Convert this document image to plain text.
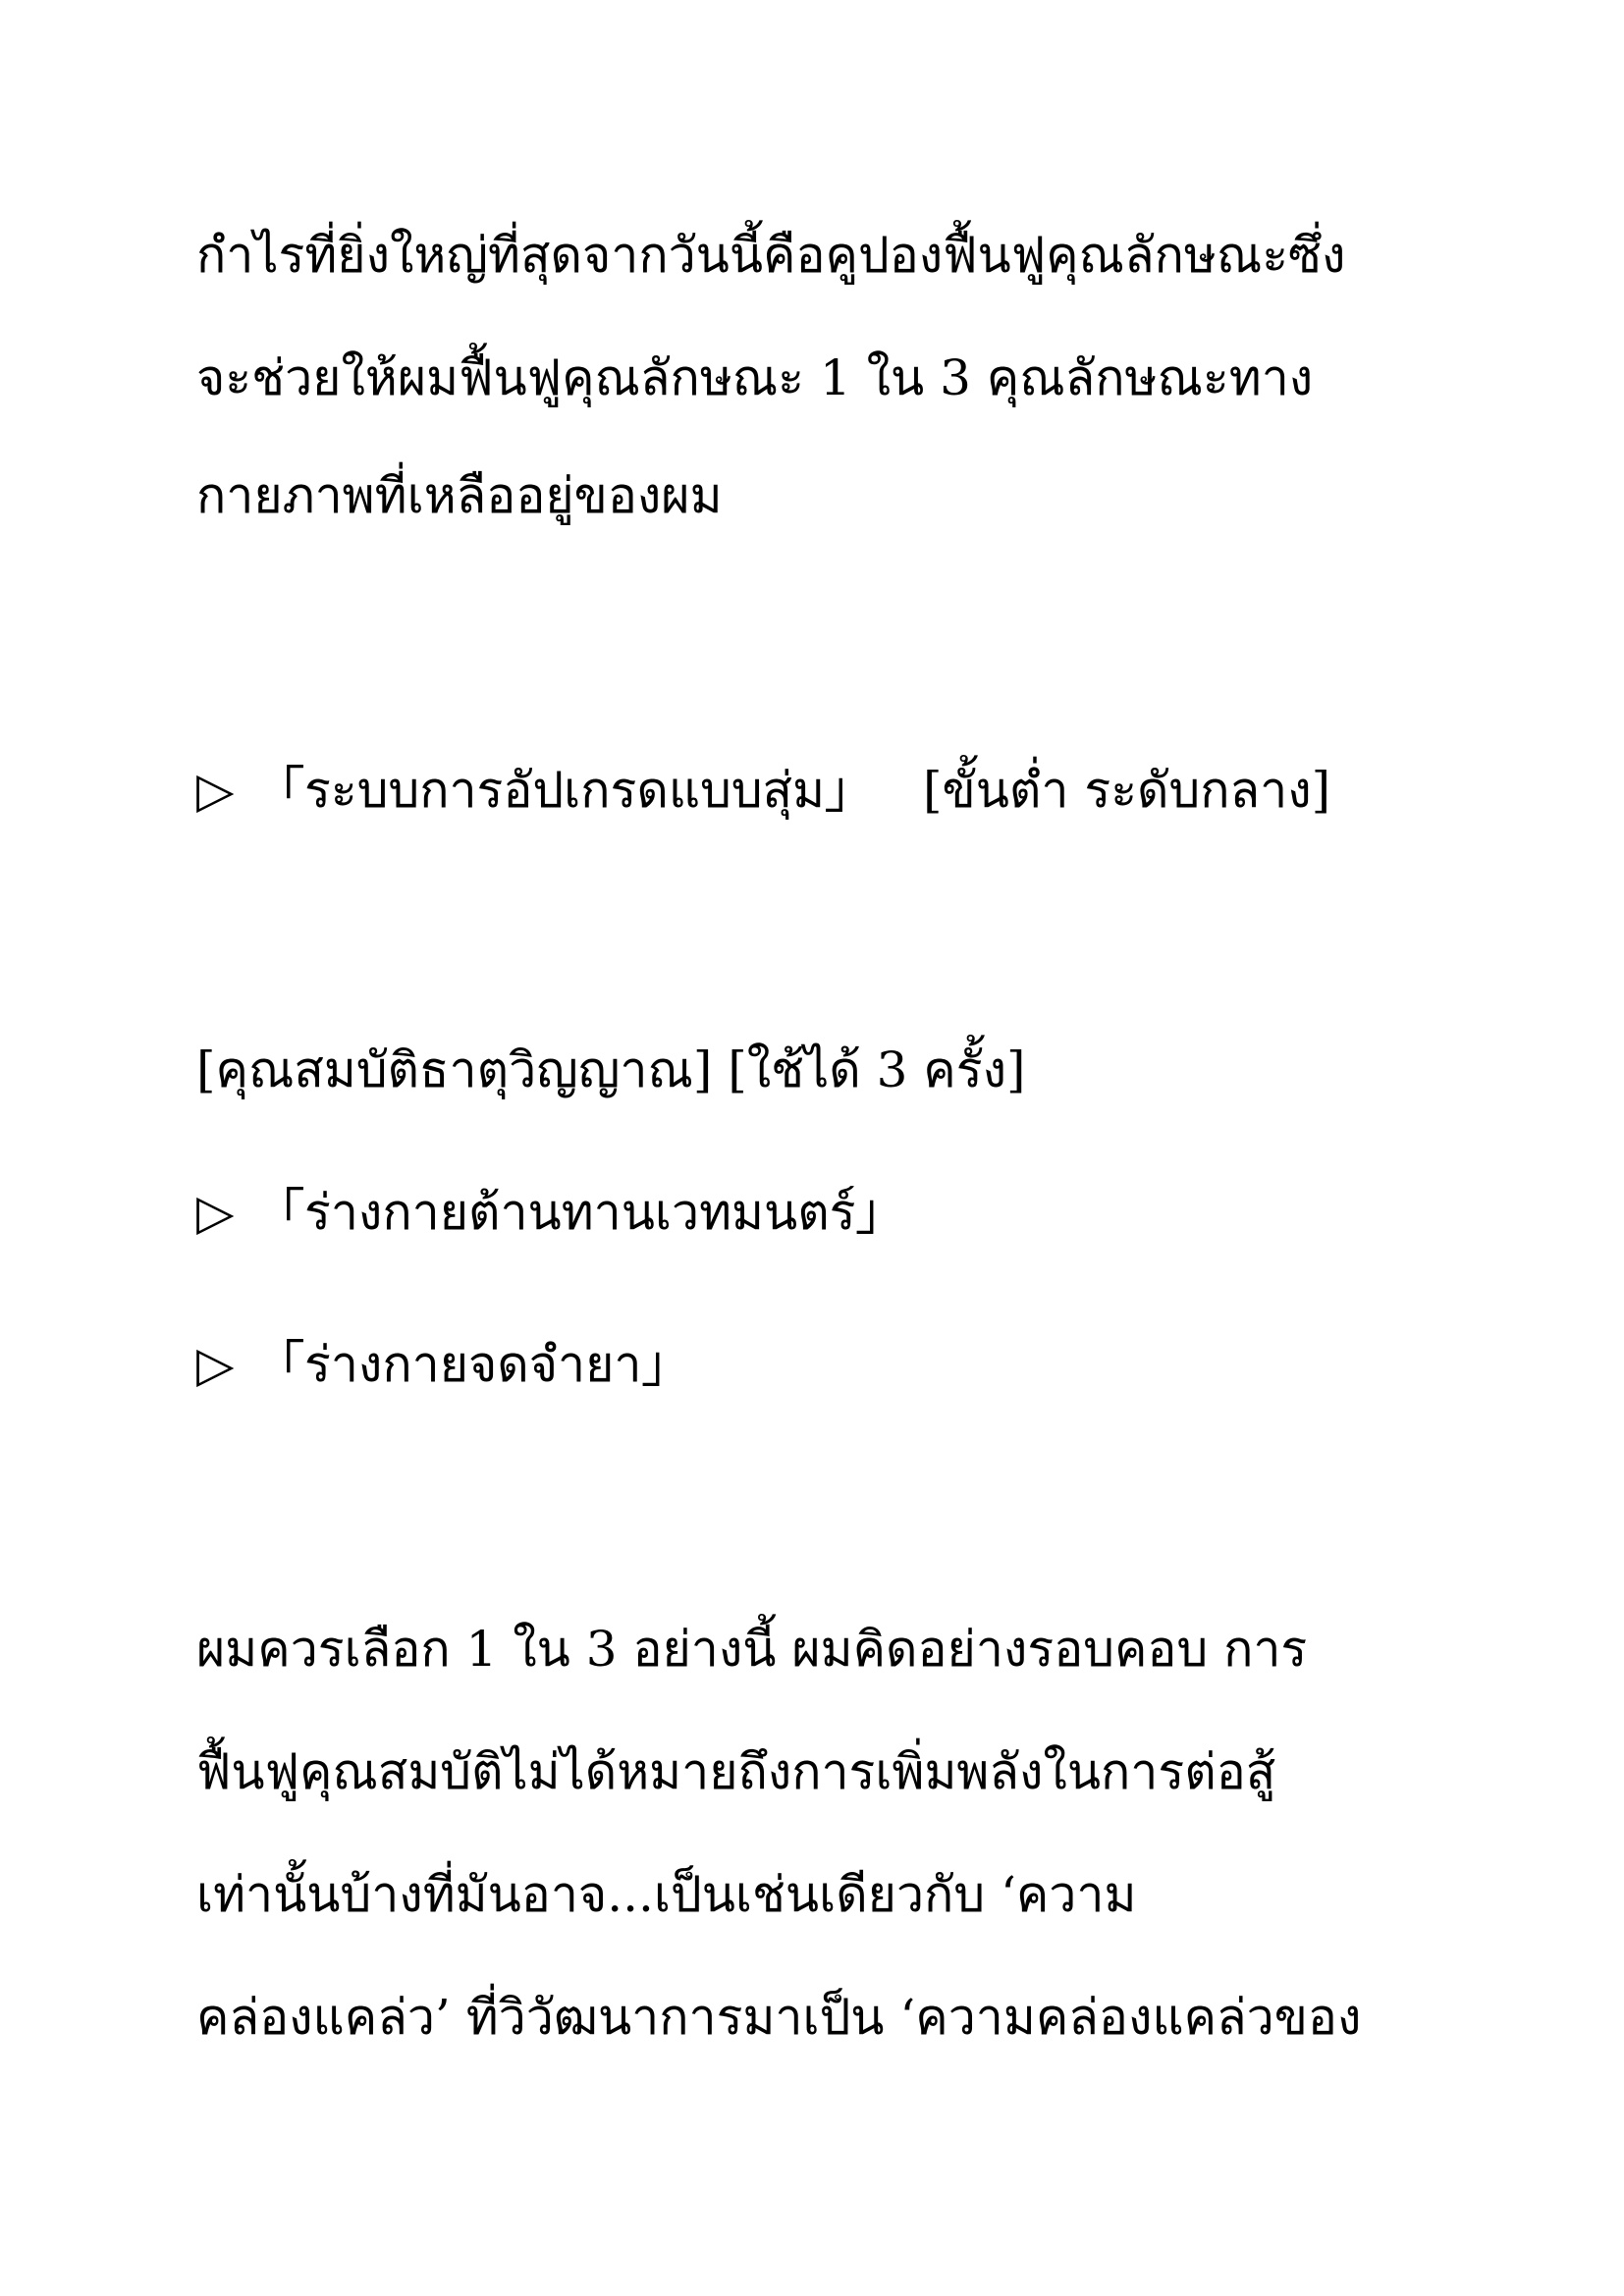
กำไรที่ยิ่งใหญ่ที่สุดจากวันนี้คือคูปองฟื้นฟูคุณลักษณะซึ่ง
จะช่วยให้ผมฟื้นฟูคุณลักษณะ 1 ใน 3 คุณลักษณะทาง
กายภาพที่เหลืออยู่ของผม
▷ 「ระบบการอัปเกรดแบบสุ่ม」 [ขั้นต่ำ ระดับกลาง]
[คุณสมบัติธาตุวิญญาณ] [ใช้ได้ 3 ครั้ง]
▷ 「ร่างกายต้านทานเวทมนตร์」
▷ 「ร่างกายจดจำยา」
ผมควรเลือก 1 ใน 3 อย่างนี้ ผมคิดอย่างรอบคอบ การ
ฟื้นฟูคุณสมบัติไม่ได้หมายถึงการเพิ่มพลังในการต่อสู้
เท่านั้นบ้างที่มันอาจ...เป็นเช่นเดียวกับ ‘ความ
คล่องแคล่ว’ ที่วิวัฒนาการมาเป็น ‘ความคล่องแคล่วของ
